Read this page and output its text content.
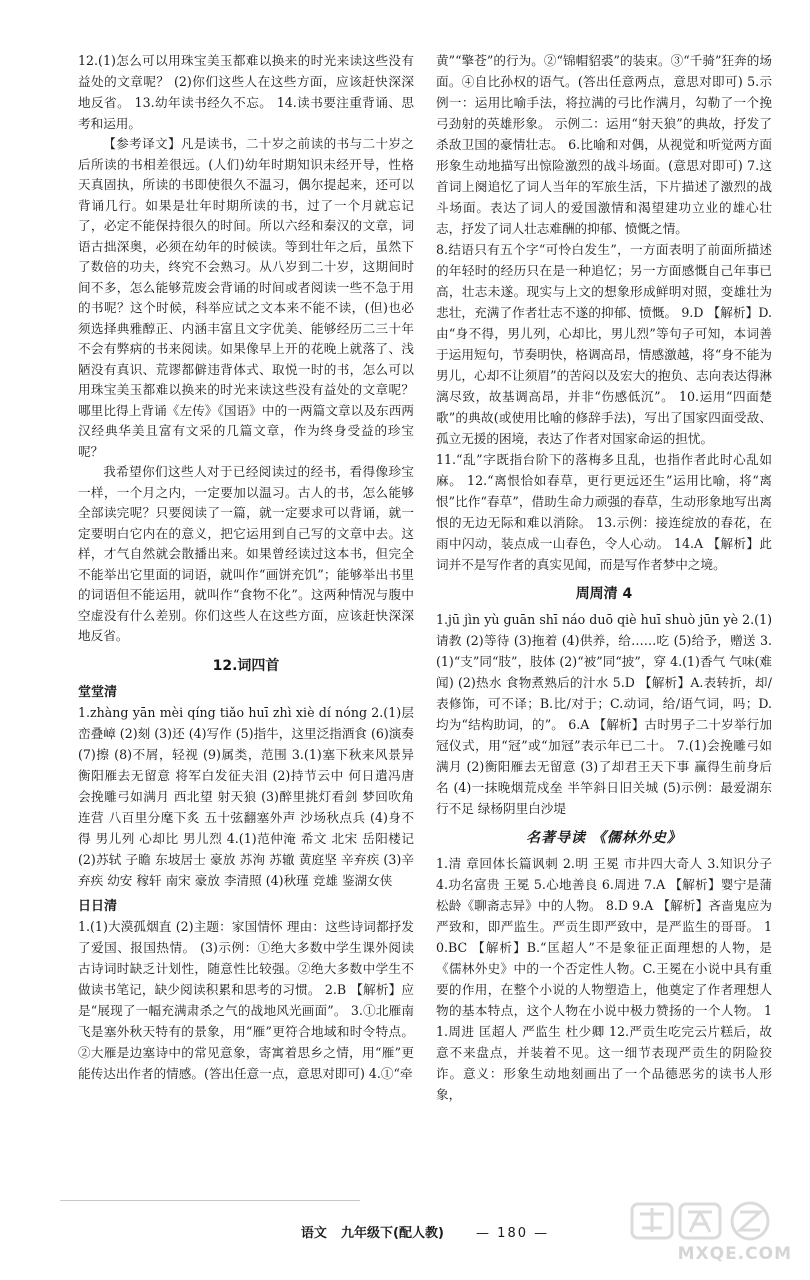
12.(1)怎么可以用珠宝美玉都难以换来的时光来读这些没有益处的文章呢？ (2)你们这些人在这些方面，应该赶快深深地反省。 13.幼年读书经久不忘。 14.读书要注重背诵、思考和运用。

【参考译文】凡是读书，二十岁之前读的书与二十岁之后所读的书相差很远。(人们)幼年时期知识未经开导，性格天真固执，所读的书即使很久不温习，偶尔提起来，还可以背诵几行。如果是壮年时期所读的书，过了一个月就忘记了，必定不能保持很久的时间。所以六经和秦汉的文章，词语古拙深奥，必须在幼年的时候读。等到壮年之后，虽然下了数倍的功夫，终究不会熟习。从八岁到二十岁，这期间时间不多，怎么能够荒废会背诵的时间或者阅读一些不急于用的书呢？这个时候，科举应试之文本来不能不读，(但)也必须选择典雅醇正、内涵丰富且文字优美、能够经历二三十年不会有弊病的书来阅读。如果像早上开的花晚上就落了、浅陋没有真识、荒谬都僻违背体式、取悦一时的书，怎么可以用珠宝美玉都难以换来的时光来读这些没有益处的文章呢？哪里比得上背诵《左传》《国语》中的一两篇文章以及东西两汉经典华美且富有文采的几篇文章，作为终身受益的珍宝呢？

我希望你们这些人对于已经阅读过的经书，看得像珍宝一样，一个月之内，一定要加以温习。古人的书，怎么能够全部读完呢？只要阅读了一篇，就一定要求可以背诵，就一定要明白它内在的意义，把它运用到自己写的文章中去。这样，才气自然就会散播出来。如果曾经读过这本书，但完全不能举出它里面的词语，就叫作“画饼充饥”；能够举出书里的词语但不能运用，就叫作“食物不化”。这两种情况与腹中空虚没有什么差别。你们这些人在这些方面，应该赶快深深地反省。

12.词四首
堂堂清

1.zhàng yān mèi qíng tiǎo huī zhì xiè dí nóng 2.(1)层峦叠嶂 (2)刻 (3)还 (4)写作 (5)指牛，这里泛指酒食 (6)演奏 (7)擦 (8)不屑，轻视 (9)属类，范围 3.(1)塞下秋来风景异 衡阳雁去无留意 将军白发征夫泪 (2)持节云中 何日遣冯唐 会挽雕弓如满月 西北望 射天狼 (3)醉里挑灯看剑 梦回吹角连营 八百里分麾下炙 五十弦翻塞外声 沙场秋点兵 (4)身不得 男儿列 心却比 男儿烈 4.(1)范仲淹 希文 北宋 岳阳楼记 (2)苏轼 子瞻 东坡居士 豪放 苏洵 苏辙 黄庭坚 辛弃疾 (3)辛弃疾 幼安 稼轩 南宋 豪放 李清照 (4)秋瑾 竞雄 鉴湖女侠

日日清

1.(1)大漠孤烟直 (2)主题：家国情怀 理由：这些诗词都抒发了爱国、报国热情。 (3)示例：①绝大多数中学生课外阅读古诗词时缺乏计划性，随意性比较强。②绝大多数中学生不做读书笔记，缺少阅读积累和思考的习惯。 2.B 【解析】应是“展现了一幅充满肃杀之气的战地风光画面”。 3.①北雁南飞是塞外秋天特有的景象，用“雁”更符合地域和时令特点。②大雁是边塞诗中的常见意象，寄寓着思乡之情，用“雁”更能传达出作者的情感。(答出任意一点，意思对即可) 4.①“牵

黄”“擎苍”的行为。②“锦帽貂裘”的装束。③“千骑”狂奔的场面。④自比孙权的语气。(答出任意两点，意思对即可) 5.示例一：运用比喻手法，将拉满的弓比作满月，勾勒了一个挽弓劲射的英雄形象。 示例二：运用“射天狼”的典故，抒发了杀敌卫国的豪情壮志。 6.比喻和对偶，从视觉和听觉两方面形象生动地描写出惊险激烈的战斗场面。(意思对即可) 7.这首词上阕追忆了词人当年的军旅生活，下片描述了激烈的战斗场面。表达了词人的爱国激情和渴望建功立业的雄心壮志，抒发了词人壮志难酬的抑郁、愤慨之情。

8.结语只有五个字“可怜白发生”，一方面表明了前面所描述的年轻时的经历只在是一种追忆；另一方面感慨自己年事已高，壮志未遂。现实与上文的想象形成鲜明对照，变雄壮为悲壮，充满了作者壮志不遂的抑郁、愤慨。 9.D 【解析】D.由“身不得，男儿列，心却比，男儿烈”等句子可知，本词善于运用短句，节奏明快，格调高昂，情感激越，将“身不能为男儿，心却不让须眉”的苦闷以及宏大的抱负、志向表达得淋漓尽致，故基调高昂，并非“伤感低沉”。 10.运用“四面楚歌”的典故(或使用比喻的修辞手法)，写出了国家四面受敌、孤立无援的困境，表达了作者对国家命运的担忧。

11.“乱”字既指台阶下的落梅多且乱，也指作者此时心乱如麻。 12.“离恨恰如春草，更行更远还生”运用比喻，将“离恨”比作“春草”，借助生命力顽强的春草，生动形象地写出离恨的无边无际和难以消除。 13.示例：接连绽放的春花，在雨中闪动，装点成一山春色，令人心动。 14.A 【解析】此词并不是写作者的真实见闻，而是写作者梦中之境。

周周清 4

1.jū jìn yù guān shī náo duō qiè huī shuò jūn yè 2.(1)请教 (2)等待 (3)拖着 (4)供养，给……吃 (5)给予，赠送 3.(1)“支”同“肢”，肢体 (2)“被”同“披”，穿 4.(1)香气 气味(难闻) (2)热水 食物煮熟后的汁水 5.D 【解析】A.表转折，却/表修饰，可不译；B.比/对于；C.动词，给/语气词，吗；D.均为“结构助词，的”。 6.A 【解析】古时男子二十岁举行加冠仪式，用“冠”或“加冠”表示年已二十。 7.(1)会挽雕弓如满月 (2)衡阳雁去无留意 (3)了却君王天下事 赢得生前身后名 (4)一抹晚烟荒戍垒 半竿斜日旧关城 (5)示例：最爱湖东行不足 绿杨阴里白沙堤

名著导读 《儒林外史》

1.清 章回体长篇讽刺 2.明 王冕 市井四大奇人 3.知识分子 4.功名富贵 王冕 5.心地善良 6.周进 7.A 【解析】婴宁是蒲松龄《聊斋志异》中的人物。 8.D 9.A 【解析】吝啬鬼应为严致和，即严监生。严贡生即严致中，是严监生的哥哥。 10.BC 【解析】B.“匡超人”不是象征正面理想的人物，是《儒林外史》中的一个否定性人物。C.王冕在小说中具有重要的作用，在整个小说的人物塑造上，他奠定了作者理想人物的基本特点，这个人物在小说中极力赞扬的一个人物。 11.周进 匡超人 严监生 杜少卿 12.严贡生吃完云片糕后，故意不来盘点，并装着不见。这一细节表现严贡生的阴险狡诈。意义：形象生动地刻画出了一个品德恶劣的读书人形象，

语文 九年级下(配人教) — 180 —
MXQE.COM
